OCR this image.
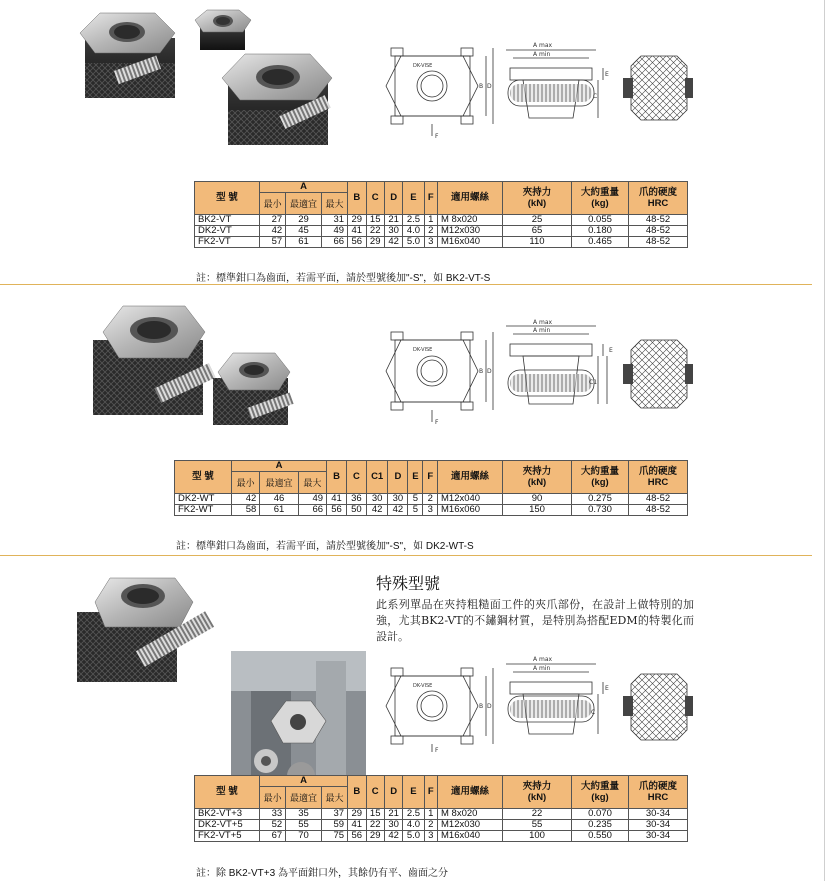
DK-VISE
B D
F
A max
A min
E
C
型 號	A			B	C	D	E	F	適用螺絲	夾持力
(kN)	大約重量
(kg)	爪的硬度
HRC
	最小	最適宜	最大									
BK2-VT	27	29	31	29	15	21	2.5	1	M 8x020	25	0.055	48-52
DK2-VT	42	45	49	41	22	30	4.0	2	M12x030	65	0.180	48-52
FK2-VT	57	61	66	56	29	42	5.0	3	M16x040	110	0.465	48-52
註：標準鉗口為齒面，若需平面，請於型號後加"-S"，如 BK2-VT-S
DK-VISE
B D
F
A max
A min
E
C1
型 號	A			B	C	C1	D	E	F	適用螺絲	夾持力
(kN)	大約重量
(kg)	爪的硬度
HRC
	最小	最適宜	最大										
DK2-WT	42	46	49	41	36	30	30	5	2	M12x040	90	0.275	48-52
FK2-WT	58	61	66	56	50	42	42	5	3	M16x060	150	0.730	48-52
註：標準鉗口為齒面，若需平面，請於型號後加"-S"，如 DK2-WT-S
特殊型號
此系列單品在夾持粗糙面工件的夾爪部份，在設計上做特別的加強，尤其BK2-VT的不鏽鋼材質，是特別為搭配EDM的特製化而設計。
DK-VISE
B D
F
A max
A min
E
C
型 號	A			B	C	D	E	F	適用螺絲	夾持力
(kN)	大約重量
(kg)	爪的硬度
HRC
	最小	最適宜	最大									
BK2-VT+3	33	35	37	29	15	21	2.5	1	M 8x020	22	0.070	30-34
DK2-VT+5	52	55	59	41	22	30	4.0	2	M12x030	55	0.235	30-34
FK2-VT+5	67	70	75	56	29	42	5.0	3	M16x040	100	0.550	30-34
註：除 BK2-VT+3 為平面鉗口外，其餘仍有平、齒面之分
